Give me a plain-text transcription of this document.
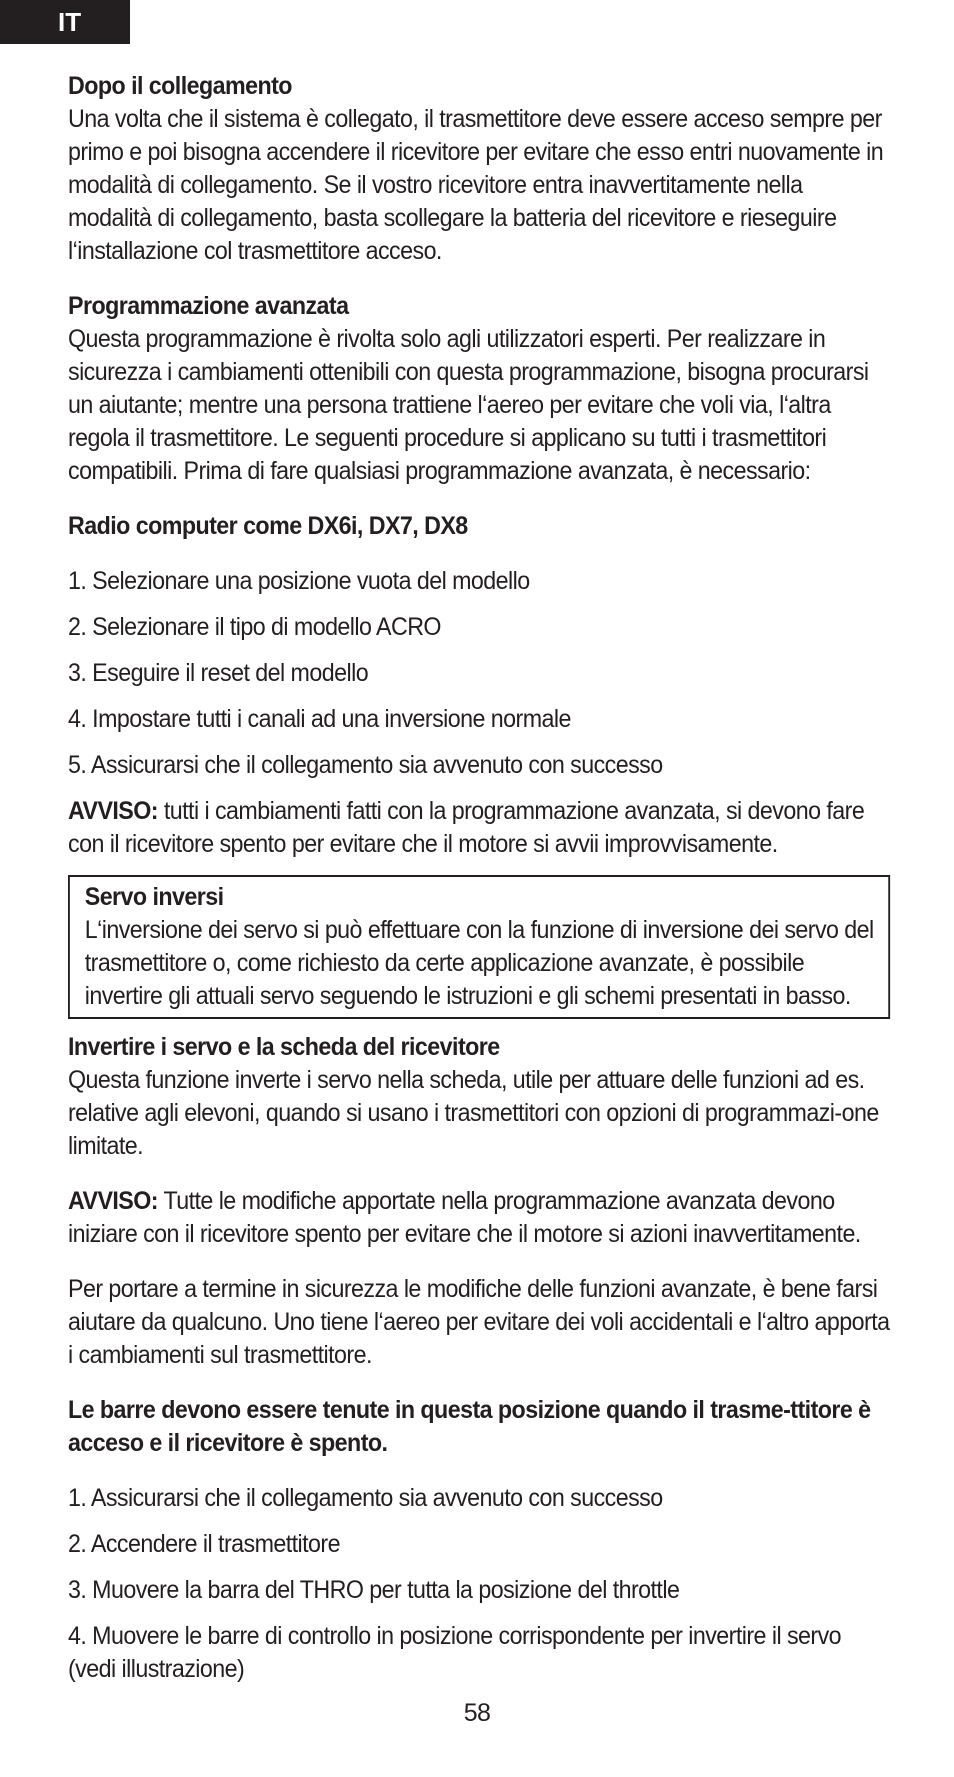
IT
Dopo il collegamento

Una volta che il sistema è collegato, il trasmettitore deve essere acceso sempre per primo e poi bisogna accendere il ricevitore per evitare che esso entri nuovamente in modalità di collegamento. Se il vostro ricevitore entra inavvertitamente nella modalità di collegamento, basta scollegare la batteria del ricevitore e rieseguire l‘installazione col trasmettitore acceso.

Programmazione avanzata

Questa programmazione è rivolta solo agli utilizzatori esperti. Per realizzare in sicurezza i cambiamenti ottenibili con questa programmazione, bisogna procurarsi un aiutante; mentre una persona trattiene l‘aereo per evitare che voli via, l‘altra regola il trasmettitore. Le seguenti procedure si applicano su tutti i trasmettitori compatibili. Prima di fare qualsiasi programmazione avanzata, è necessario:

Radio computer come DX6i, DX7, DX8
1. Selezionare una posizione vuota del modello
2. Selezionare il tipo di modello ACRO
3. Eseguire il reset del modello
4. Impostare tutti i canali ad una inversione normale
5. Assicurarsi che il collegamento sia avvenuto con successo

AVVISO: tutti i cambiamenti fatti con la programmazione avanzata, si devono fare con il ricevitore spento per evitare che il motore si avvii improvvisamente.

Servo inversi

L‘inversione dei servo si può effettuare con la funzione di inversione dei servo del trasmettitore o, come richiesto da certe applicazione avanzate, è possibile invertire gli attuali servo seguendo le istruzioni e gli schemi presentati in basso.

Invertire i servo e la scheda del ricevitore

Questa funzione inverte i servo nella scheda, utile per attuare delle funzioni ad es. relative agli elevoni, quando si usano i trasmettitori con opzioni di programmazi-one limitate.

AVVISO: Tutte le modifiche apportate nella programmazione avanzata devono iniziare con il ricevitore spento per evitare che il motore si azioni inavvertitamente.

Per portare a termine in sicurezza le modifiche delle funzioni avanzate, è bene farsi aiutare da qualcuno. Uno tiene l‘aereo per evitare dei voli accidentali e l‘altro apporta i cambiamenti sul trasmettitore.

Le barre devono essere tenute in questa posizione quando il trasme-ttitore è acceso e il ricevitore è spento.
1. Assicurarsi che il collegamento sia avvenuto con successo
2. Accendere il trasmettitore
3. Muovere la barra del THRO per tutta la posizione del throttle
4. Muovere le barre di controllo in posizione corrispondente per invertire il servo (vedi illustrazione)
58
